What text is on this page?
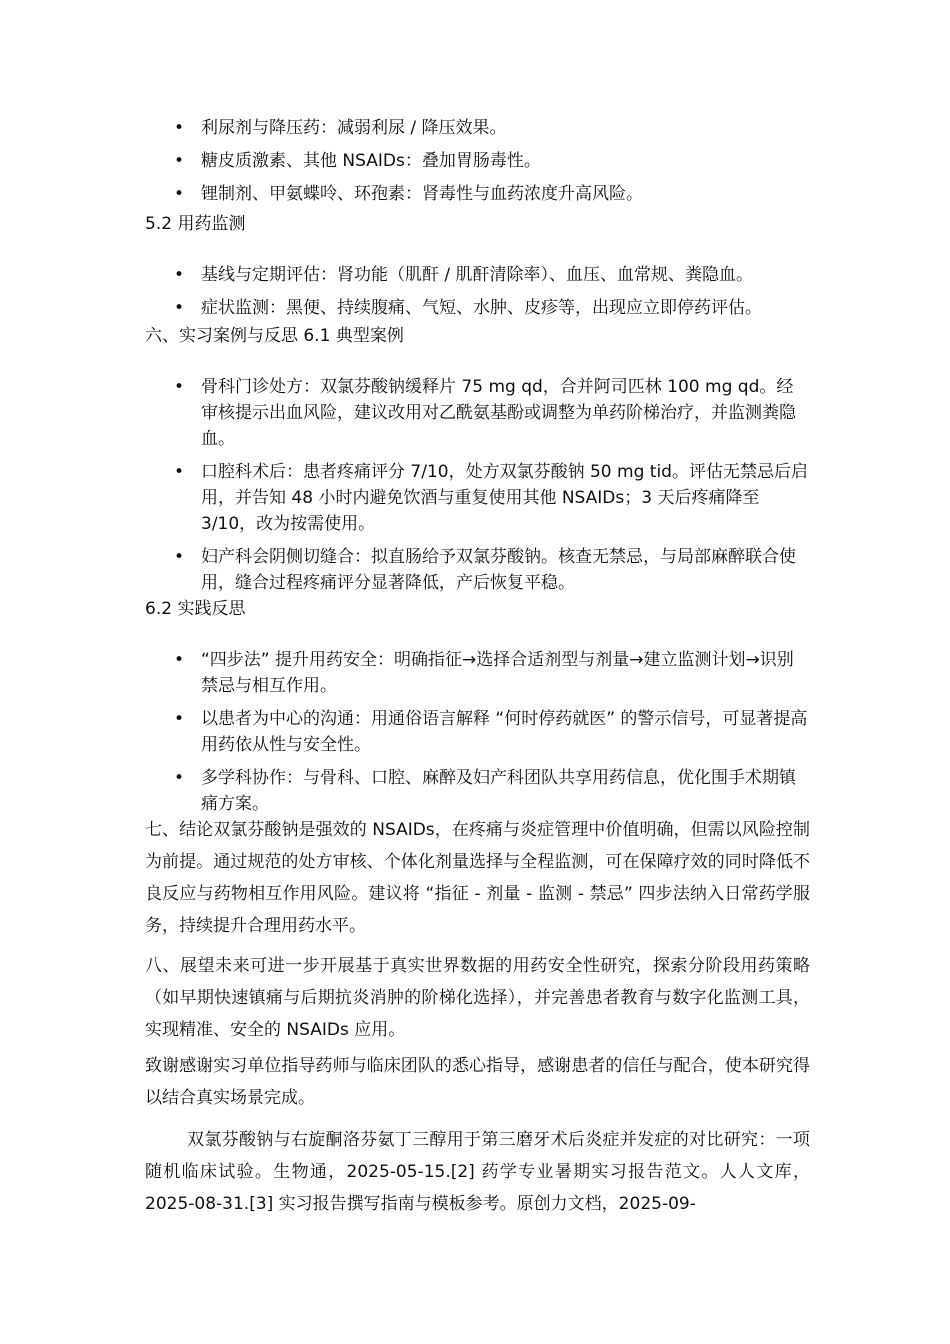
• 利尿剂与降压药：减弱利尿 / 降压效果。
• 糖皮质激素、其他 NSAIDs：叠加胃肠毒性。
• 锂制剂、甲氨蝶呤、环孢素：肾毒性与血药浓度升高风险。

5.2 用药监测

• 基线与定期评估：肾功能（肌酐 / 肌酐清除率）、血压、血常规、粪隐血。
• 症状监测：黑便、持续腹痛、气短、水肿、皮疹等，出现应立即停药评估。

六、实习案例与反思 6.1 典型案例

• 骨科门诊处方：双氯芬酸钠缓释片 75 mg qd，合并阿司匹林 100 mg qd。经审核提示出血风险，建议改用对乙酰氨基酚或调整为单药阶梯治疗，并监测粪隐血。
• 口腔科术后：患者疼痛评分 7/10，处方双氯芬酸钠 50 mg tid。评估无禁忌后启用，并告知 48 小时内避免饮酒与重复使用其他 NSAIDs；3 天后疼痛降至 3/10，改为按需使用。
• 妇产科会阴侧切缝合：拟直肠给予双氯芬酸钠。核查无禁忌，与局部麻醉联合使用，缝合过程疼痛评分显著降低，产后恢复平稳。

6.2 实践反思

• “四步法” 提升用药安全：明确指征→选择合适剂型与剂量→建立监测计划→识别禁忌与相互作用。
• 以患者为中心的沟通：用通俗语言解释 “何时停药就医” 的警示信号，可显著提高用药依从性与安全性。
• 多学科协作：与骨科、口腔、麻醉及妇产科团队共享用药信息，优化围手术期镇痛方案。

七、结论双氯芬酸钠是强效的 NSAIDs，在疼痛与炎症管理中价值明确，但需以风险控制为前提。通过规范的处方审核、个体化剂量选择与全程监测，可在保障疗效的同时降低不良反应与药物相互作用风险。建议将 “指征 - 剂量 - 监测 - 禁忌” 四步法纳入日常药学服务，持续提升合理用药水平。

八、展望未来可进一步开展基于真实世界数据的用药安全性研究，探索分阶段用药策略（如早期快速镇痛与后期抗炎消肿的阶梯化选择），并完善患者教育与数字化监测工具，实现精准、安全的 NSAIDs 应用。

致谢感谢实习单位指导药师与临床团队的悉心指导，感谢患者的信任与配合，使本研究得以结合真实场景完成。

双氯芬酸钠与右旋酮洛芬氨丁三醇用于第三磨牙术后炎症并发症的对比研究：一项随机临床试验。生物通，2025-05-15.[2] 药学专业暑期实习报告范文。人人文库，2025-08-31.[3] 实习报告撰写指南与模板参考。原创力文档，2025-09-
